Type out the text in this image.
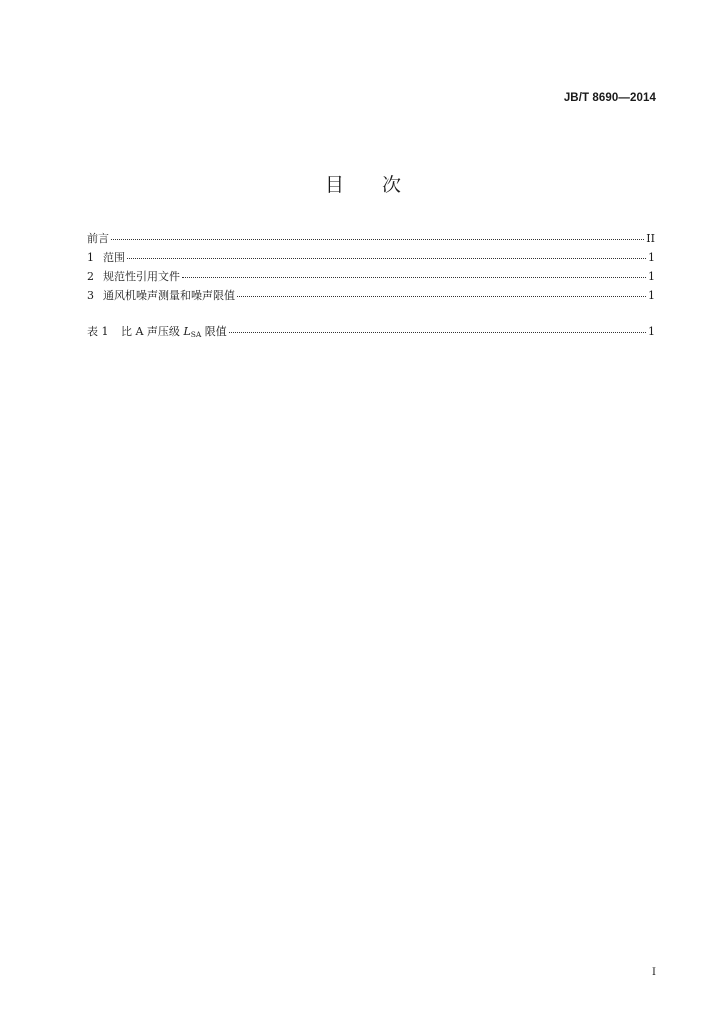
JB/T 8690—2014
目 次
前言	II
1 范围	1
2 规范性引用文件	1
3 通风机噪声测量和噪声限值	1
表 1	比 A 声压级 $L_{SA}$ 限值	1
I
